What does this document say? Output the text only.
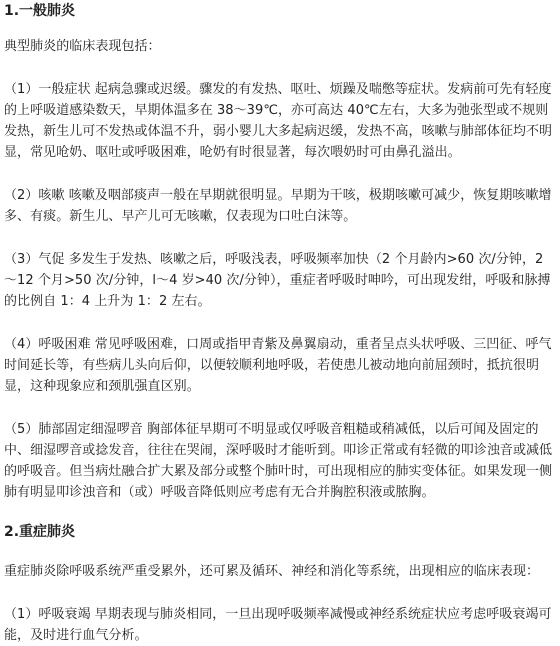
1.一般肺炎

典型肺炎的临床表现包括：

（1）一般症状 起病急骤或迟缓。骤发的有发热、呕吐、烦躁及喘憋等症状。发病前可先有轻度的上呼吸道感染数天，早期体温多在 38～39℃，亦可高达 40℃左右，大多为弛张型或不规则发热，新生儿可不发热或体温不升，弱小婴儿大多起病迟缓，发热不高，咳嗽与肺部体征均不明显，常见呛奶、呕吐或呼吸困难，呛奶有时很显著，每次喂奶时可由鼻孔溢出。

（2）咳嗽 咳嗽及咽部痰声一般在早期就很明显。早期为干咳，极期咳嗽可减少，恢复期咳嗽增多、有痰。新生儿、早产儿可无咳嗽，仅表现为口吐白沫等。

（3）气促 多发生于发热、咳嗽之后，呼吸浅表，呼吸频率加快（2 个月龄内>60 次/分钟，2～12 个月>50 次/分钟，l～4 岁>40 次/分钟），重症者呼吸时呻吟，可出现发绀，呼吸和脉搏的比例自 1：4 上升为 1：2 左右。

（4）呼吸困难 常见呼吸困难，口周或指甲青紫及鼻翼扇动，重者呈点头状呼吸、三凹征、呼气时间延长等，有些病儿头向后仰，以便较顺利地呼吸，若使患儿被动地向前屈颈时，抵抗很明显，这种现象应和颈肌强直区别。

（5）肺部固定细湿啰音 胸部体征早期可不明显或仅呼吸音粗糙或稍减低，以后可闻及固定的中、细湿啰音或捻发音，往往在哭闹，深呼吸时才能听到。叩诊正常或有轻微的叩诊浊音或减低的呼吸音。但当病灶融合扩大累及部分或整个肺叶时，可出现相应的肺实变体征。如果发现一侧肺有明显叩诊浊音和（或）呼吸音降低则应考虑有无合并胸腔积液或脓胸。

2.重症肺炎

重症肺炎除呼吸系统严重受累外，还可累及循环、神经和消化等系统，出现相应的临床表现：

（1）呼吸衰竭 早期表现与肺炎相同，一旦出现呼吸频率减慢或神经系统症状应考虑呼吸衰竭可能，及时进行血气分析。
